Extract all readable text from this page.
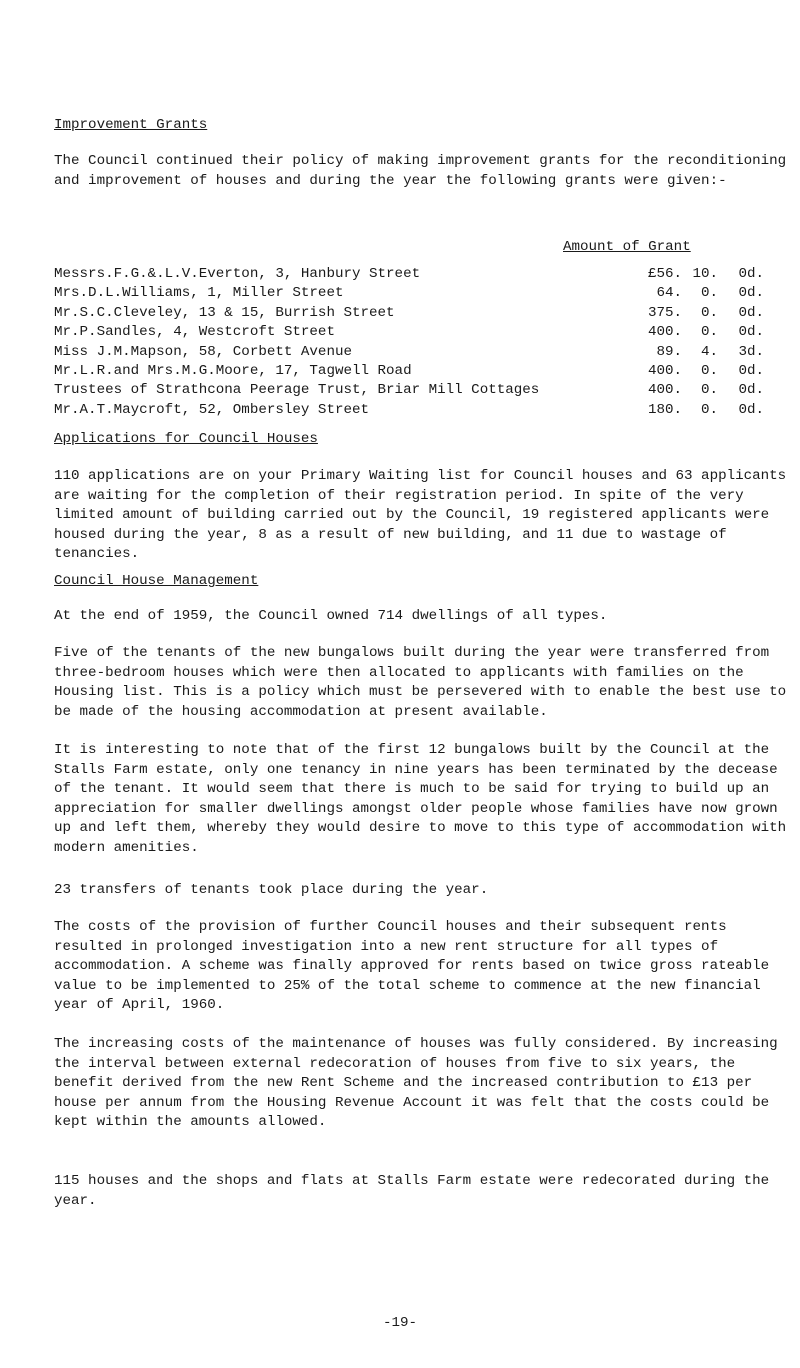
Improvement Grants

The Council continued their policy of making improvement grants for the reconditioning and improvement of houses and during the year the following grants were given:-

Amount of Grant
Messrs.F.G.&.L.V.Everton, 3, Hanbury Street	£56. 10. 0d.
Mrs.D.L.Williams, 1, Miller Street	64. 0. 0d.
Mr.S.C.Cleveley, 13 & 15, Burrish Street	375. 0. 0d.
Mr.P.Sandles, 4, Westcroft Street	400. 0. 0d.
Miss J.M.Mapson, 58, Corbett Avenue	89. 4. 3d.
Mr.L.R.and Mrs.M.G.Moore, 17, Tagwell Road	400. 0. 0d.
Trustees of Strathcona Peerage Trust, Briar Mill Cottages	400. 0. 0d.
Mr.A.T.Maycroft, 52, Ombersley Street	180. 0. 0d.
Applications for Council Houses

110 applications are on your Primary Waiting list for Council houses and 63 applicants are waiting for the completion of their registration period. In spite of the very limited amount of building carried out by the Council, 19 registered applicants were housed during the year, 8 as a result of new building, and 11 due to wastage of tenancies.

Council House Management

At the end of 1959, the Council owned 714 dwellings of all types.

Five of the tenants of the new bungalows built during the year were transferred from three-bedroom houses which were then allocated to applicants with families on the Housing list. This is a policy which must be persevered with to enable the best use to be made of the housing accommodation at present available.

It is interesting to note that of the first 12 bungalows built by the Council at the Stalls Farm estate, only one tenancy in nine years has been terminated by the decease of the tenant. It would seem that there is much to be said for trying to build up an appreciation for smaller dwellings amongst older people whose families have now grown up and left them, whereby they would desire to move to this type of accommodation with modern amenities.

23 transfers of tenants took place during the year.

The costs of the provision of further Council houses and their subsequent rents resulted in prolonged investigation into a new rent structure for all types of accommodation. A scheme was finally approved for rents based on twice gross rateable value to be implemented to 25% of the total scheme to commence at the new financial year of April, 1960.

The increasing costs of the maintenance of houses was fully considered. By increasing the interval between external redecoration of houses from five to six years, the benefit derived from the new Rent Scheme and the increased contribution to £13 per house per annum from the Housing Revenue Account it was felt that the costs could be kept within the amounts allowed.

115 houses and the shops and flats at Stalls Farm estate were redecorated during the year.

-19-
